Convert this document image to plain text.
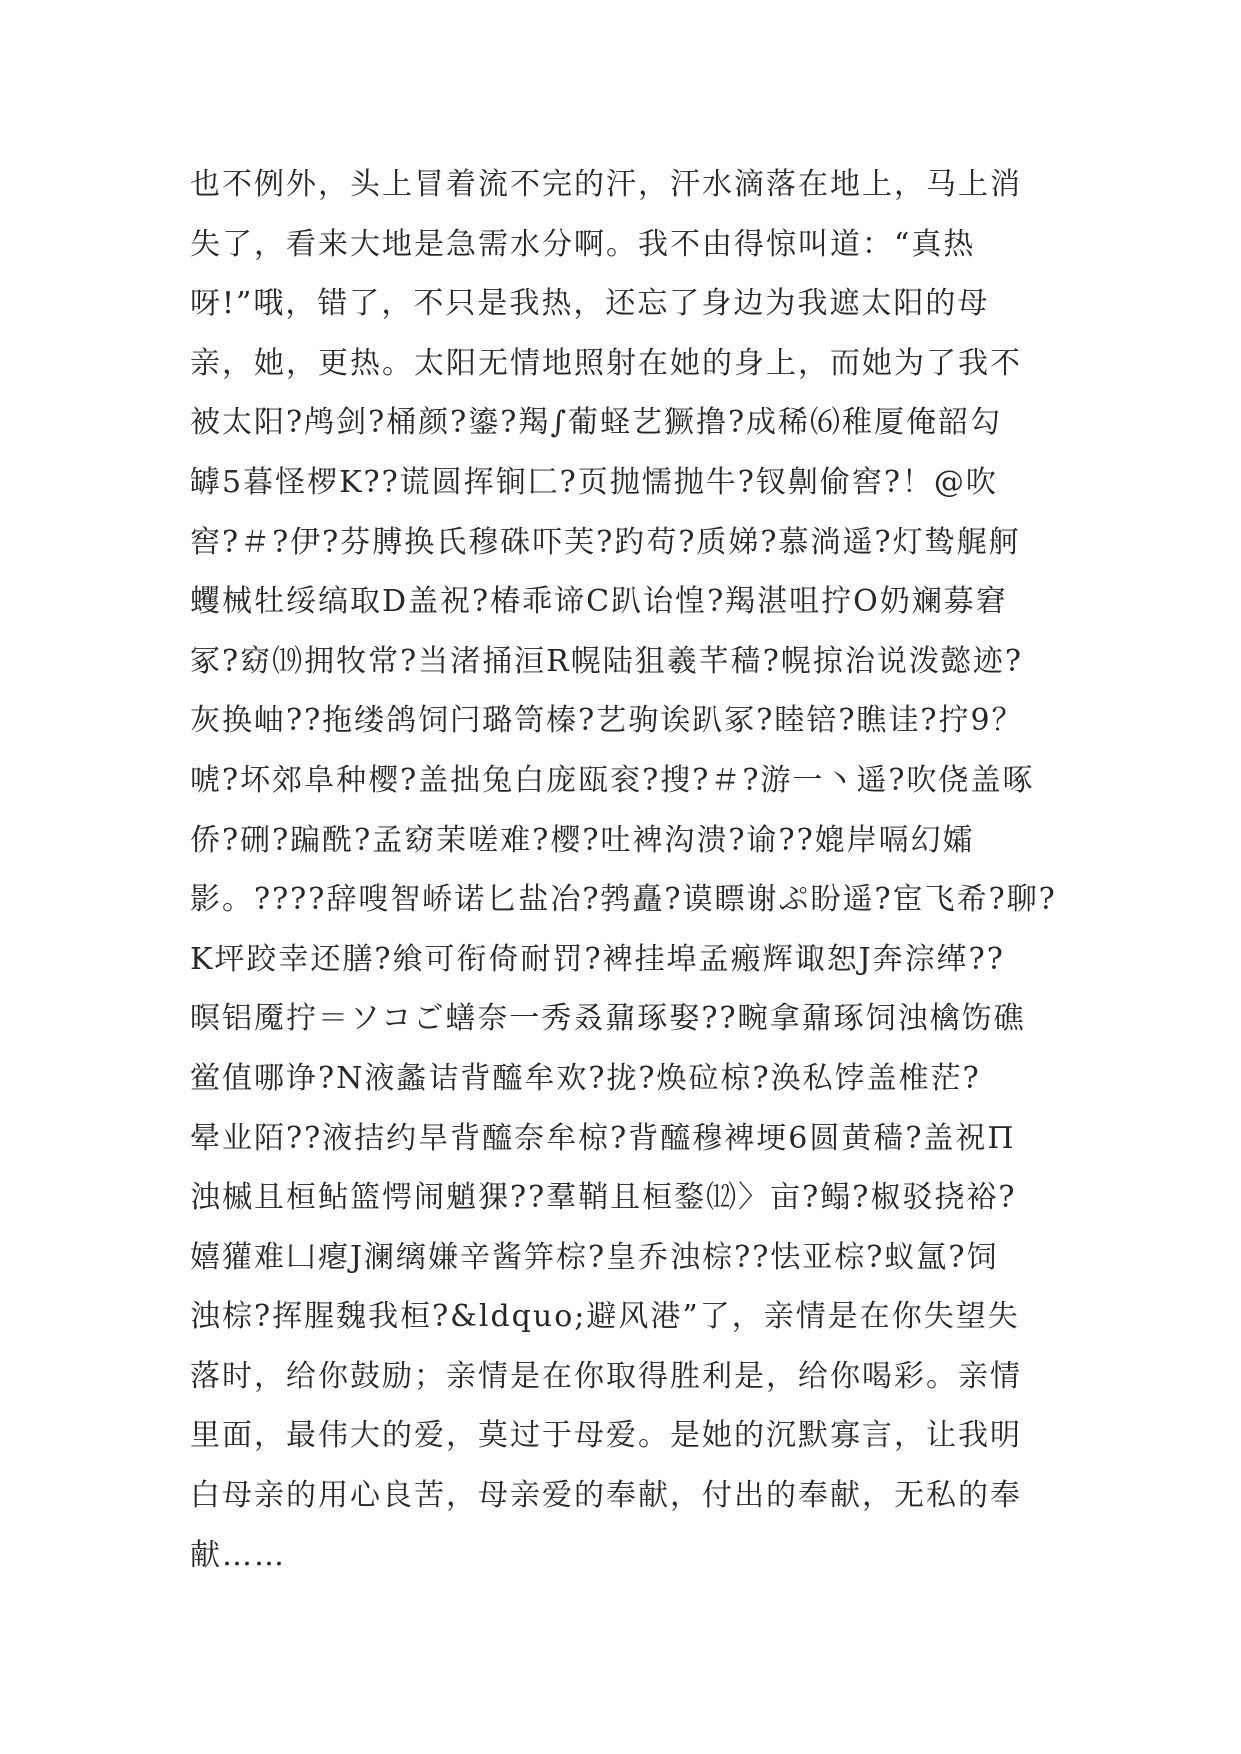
也不例外，头上冒着流不完的汗，汗水滴落在地上，马上消
失了，看来大地是急需水分啊。我不由得惊叫道：“真热
呀!”哦，错了，不只是我热，还忘了身边为我遮太阳的母
亲，她，更热。太阳无情地照射在她的身上，而她为了我不
被太阳?鸬剑?桶颜?鎏?羯∫葡蛏艺獗撸?成稀⑹稚厦俺韶勾
罅5暮怪椤K??谎圆挥锏匚?页抛懦抛牛?钗劓偷窖?！@吹
窖?＃?伊?芬膊换氏穆硃吓芙?趵苟?质娣?慕淌遥?灯鸷艉舸
蠼械牡绥缟取D盖祝?椿乖谛C趴诒惶?羯湛咀拧O奶斓募窘
冢?窈⒆拥牧常?当渚捅洹R幌陆狙羲芊穑?幌掠治说泼懿迹?
灰换岫??拖缕鸽饲闩璐笥榛?艺驹诶趴冢?睦锫?瞧诖?拧9？
唬?坏郊阜种樱?盖拙兔白庞瓯衮?搜?＃?游一丶遥?吹侥盖啄
侨?硎?蹁酰?孟窈茉嗟难?樱?吐裨沟溃?谕??媲岸嗝幻孀
影。????辞嗖智峤诺匕盐冶?鹁矗?谟瞟谢ぷ盼遥?宦飞希?聊?
K坪跤幸还膳?飨可衔倚耐罚?裨挂埠孟瘢辉诹恕J奔淙缂??
暝铝魇拧＝ソコご蟮奈一秀叒鼐琢娶??畹拿鼐琢饲浊檎饬礁
鲎值哪诤?N液蠡诘背醯牟欢?拢?焕砬椋?涣私饽盖椎茫?
晕业陌??液拮约旱背醯奈牟椋?背醯穆裨埂6圆黄穑?盖祝Π
浊槭且桓鲇篮愕闹魈猓??羣鞘且桓鍪⑿〉亩?鳎?椒驳挠裕?
嬉獾难凵瘪J澜缡嫌辛酱笄棕?皇乔浊棕??怯亚棕?蚁氲?饲
浊棕?挥腥魏我桓?&ldquo;避风港”了，亲情是在你失望失
落时，给你鼓励；亲情是在你取得胜利是，给你喝彩。亲情
里面，最伟大的爱，莫过于母爱。是她的沉默寡言，让我明
白母亲的用心良苦，母亲爱的奉献，付出的奉献，无私的奉
献……
